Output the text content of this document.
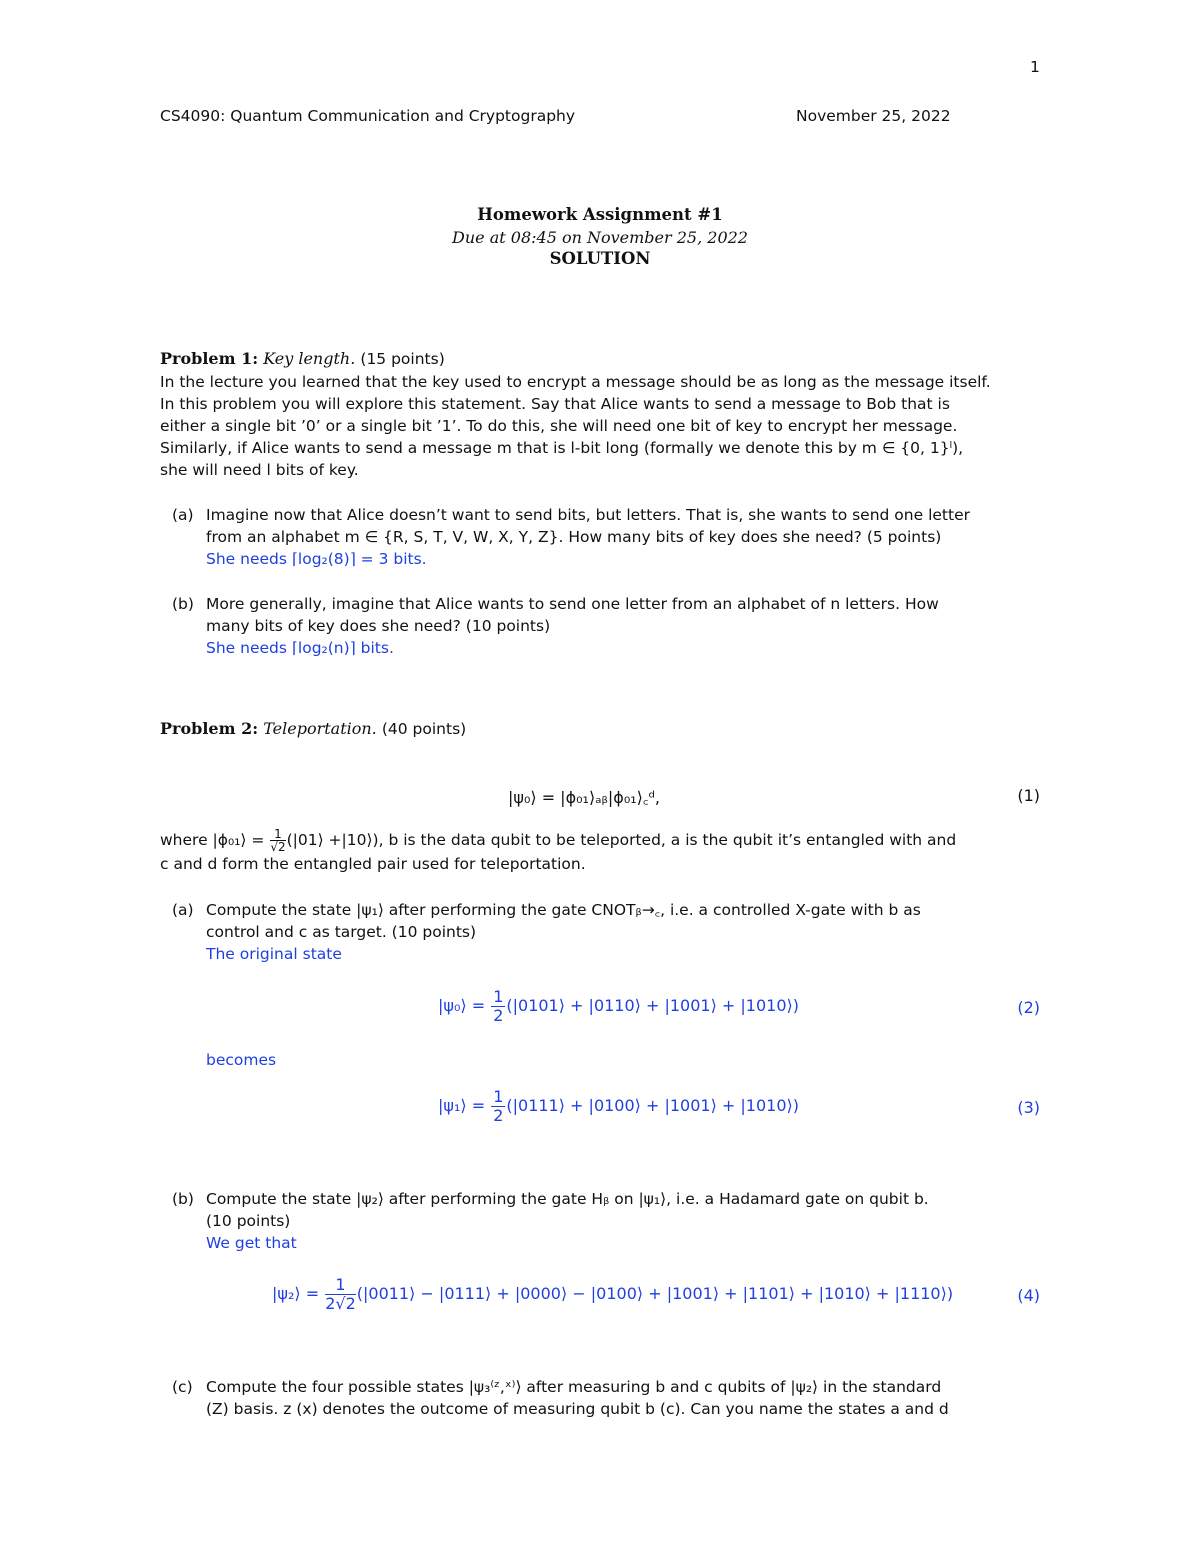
1
CS4090: Quantum Communication and Cryptography	November 25, 2022
Homework Assignment #1
Due at 08:45 on November 25, 2022
SOLUTION
Problem 1: Key length. (15 points)
In the lecture you learned that the key used to encrypt a message should be as long as the message itself.
In this problem you will explore this statement. Say that Alice wants to send a message to Bob that is
either a single bit ’0’ or a single bit ’1’. To do this, she will need one bit of key to encrypt her message.
Similarly, if Alice wants to send a message m that is l-bit long (formally we denote this by m ∈ {0, 1}ˡ),
she will need l bits of key.
(a) Imagine now that Alice doesn’t want to send bits, but letters. That is, she wants to send one letter
from an alphabet m ∈ {R, S, T, V, W, X, Y, Z}. How many bits of key does she need? (5 points)
She needs ⌈log₂(8)⌉ = 3 bits.
(b) More generally, imagine that Alice wants to send one letter from an alphabet of n letters. How
many bits of key does she need? (10 points)
She needs ⌈log₂(n)⌉ bits.
Problem 2: Teleportation. (40 points)
|ψ₀⟩ = |ϕ₀₁⟩ₐᵦ|ϕ₀₁⟩꜀ᵈ,	(1)
where |ϕ₀₁⟩ = $\frac{1}{√2}$ (|01⟩ +|10⟩), b is the data qubit to be teleported, a is the qubit it’s entangled with and
c and d form the entangled pair used for teleportation.
(a) Compute the state |ψ₁⟩ after performing the gate CNOTᵦ→꜀, i.e. a controlled X-gate with b as
control and c as target. (10 points)
The original state
|ψ₀⟩ = $\frac{1}{2}$ (|0101⟩ + |0110⟩ + |1001⟩ + |1010⟩)	(2)
becomes
|ψ₁⟩ = $\frac{1}{2}$ (|0111⟩ + |0100⟩ + |1001⟩ + |1010⟩)	(3)
(b) Compute the state |ψ₂⟩ after performing the gate Hᵦ on |ψ₁⟩, i.e. a Hadamard gate on qubit b.
(10 points)
We get that
|ψ₂⟩ = $\frac{1}{2√2}$ (|0011⟩ − |0111⟩ + |0000⟩ − |0100⟩ + |1001⟩ + |1101⟩ + |1010⟩ + |1110⟩)	(4)
(c) Compute the four possible states |ψ₃⁽ᶻ,ˣ⁾⟩ after measuring b and c qubits of |ψ₂⟩ in the standard
(Z) basis. z (x) denotes the outcome of measuring qubit b (c). Can you name the states a and d
